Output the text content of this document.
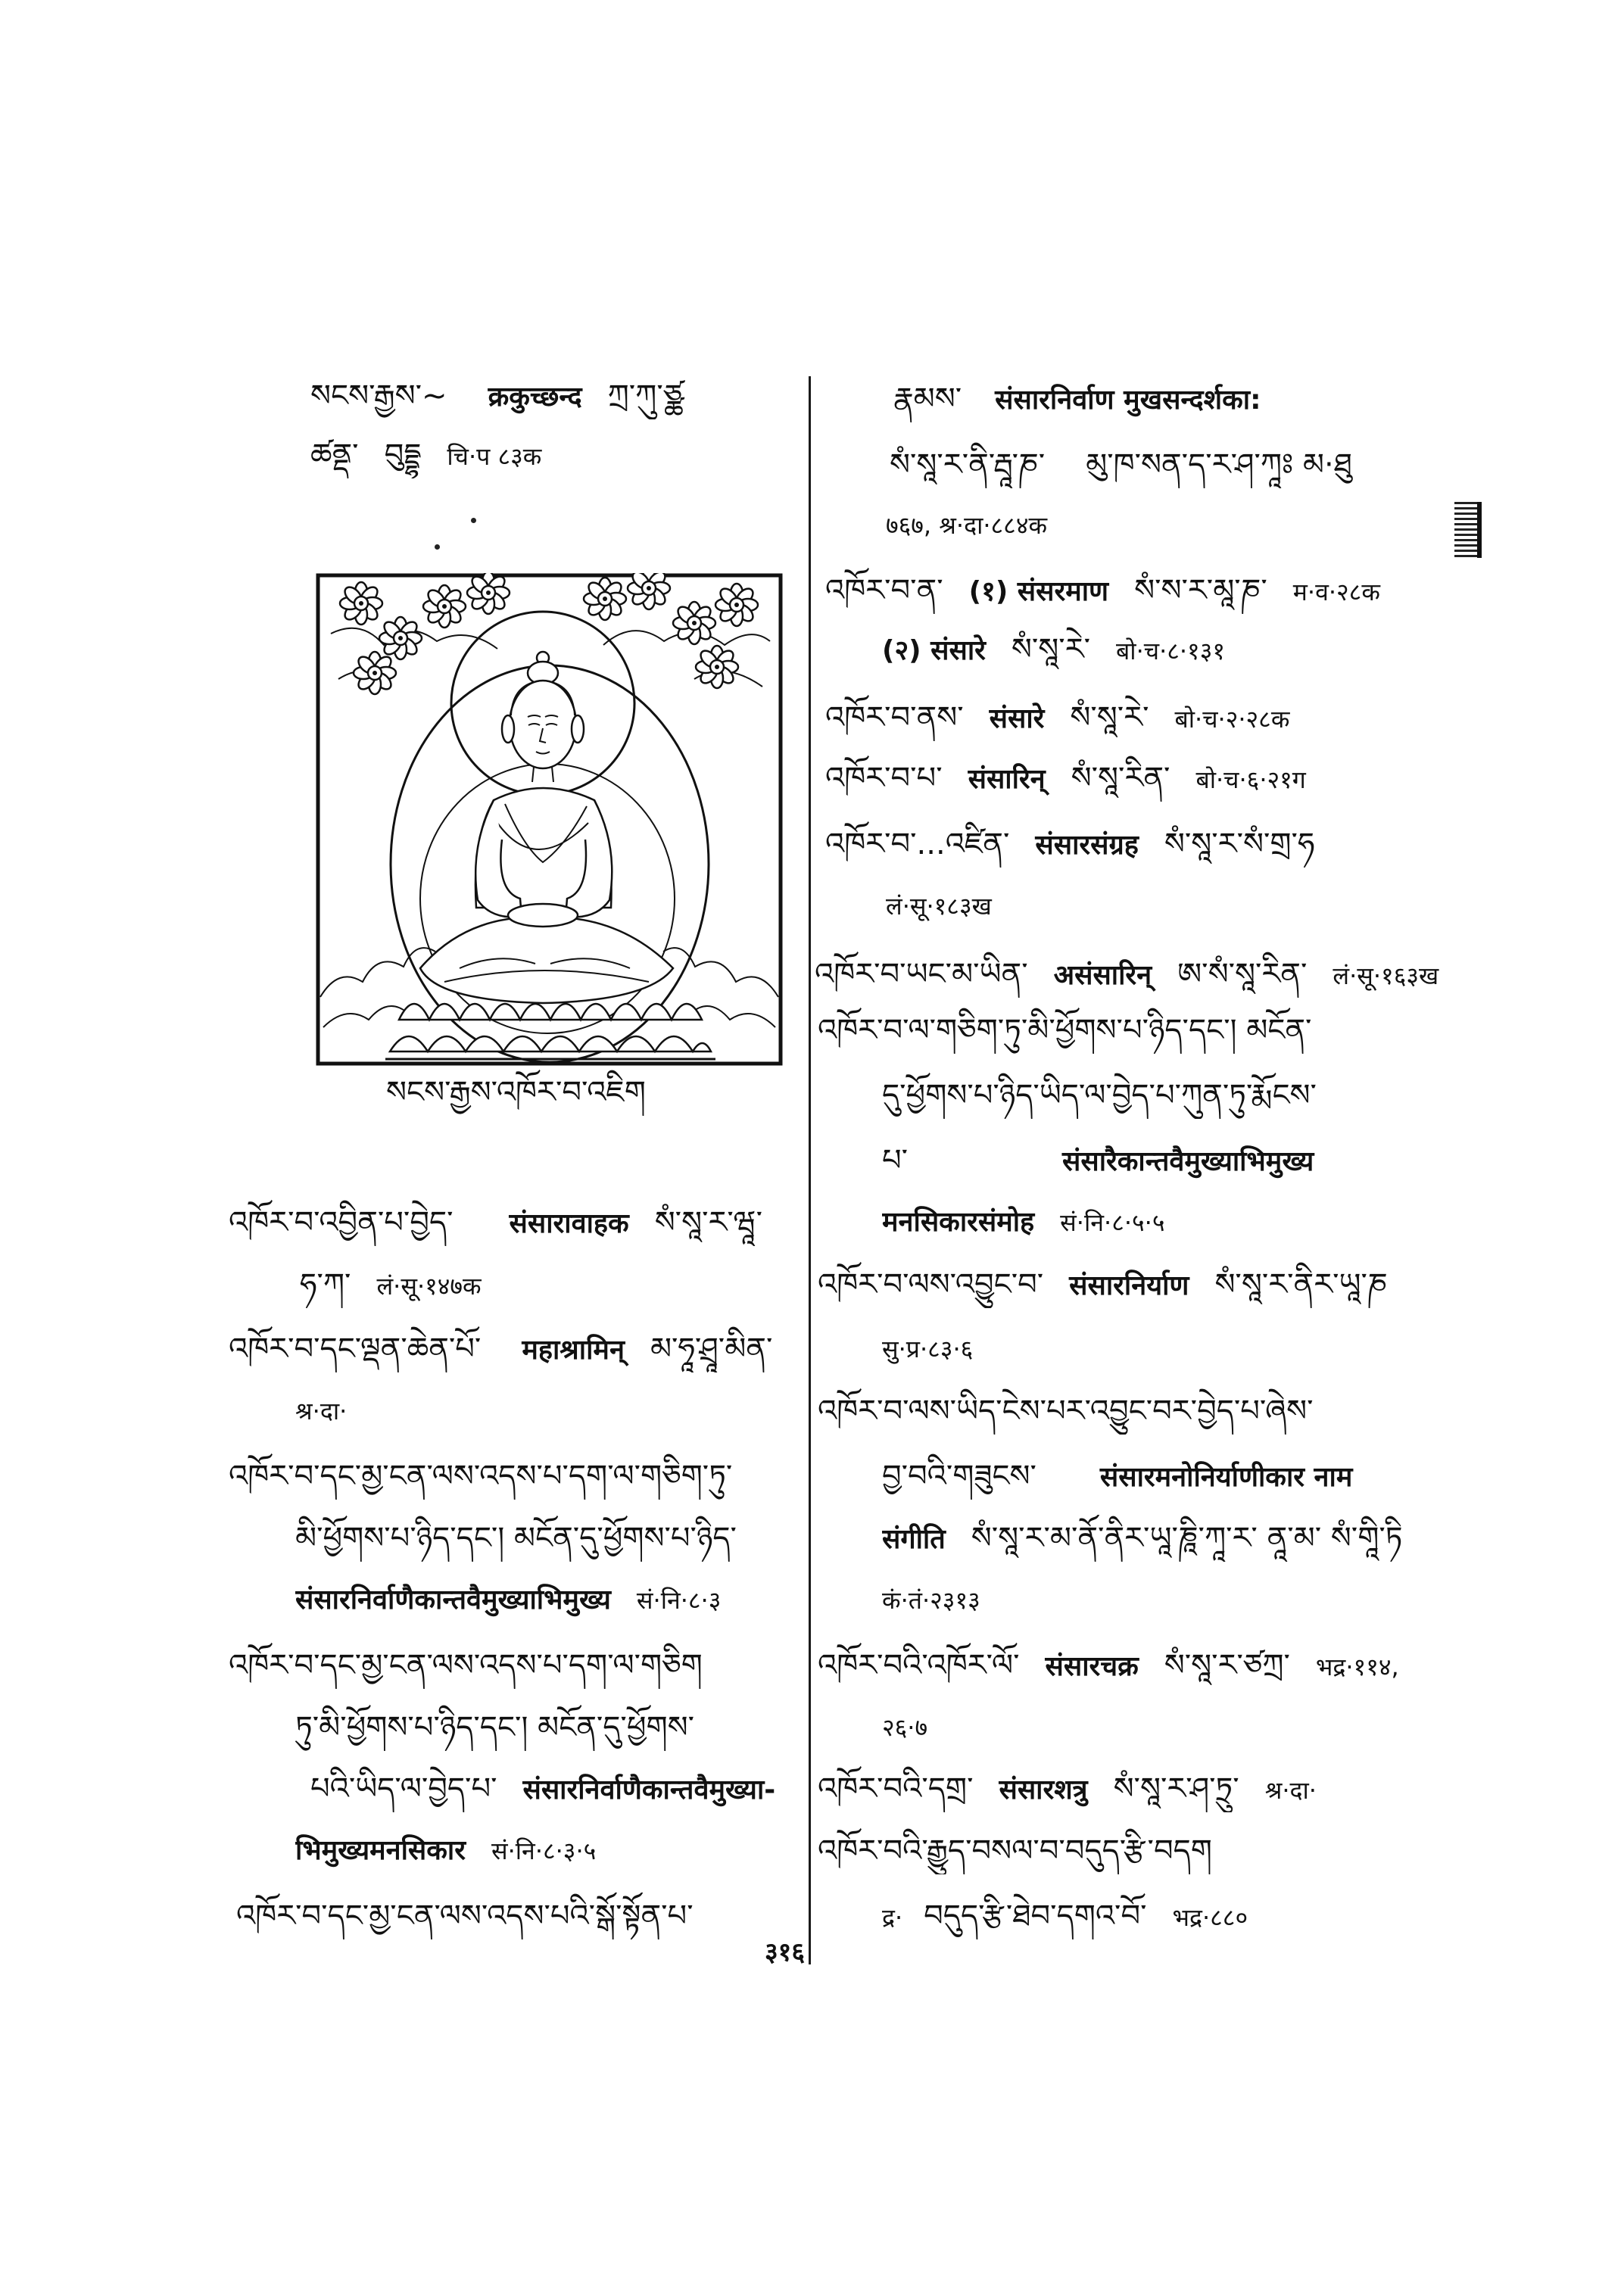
སངས་རྒྱས་~ क्रकुच्छन्द ཀྲ་ཀུ་ཙྪ
ཚནྡ་ བུདྡྷ चि·प ८३क
སངས་རྒྱས་འཁོར་བ་འཇིག
འཁོར་བ་འབྱིན་པ་བྱེད་ संसारावाहक སཾ་སཱ་ར་ཝཱ་
ཧ་ཀ་ लं·सू·१४७क
འཁོར་བ་དང་ལྡན་ཆེན་པོ་ महाश्रामिन् མ་ཧཱ་ཤྲཱ་མིན་
श्र·दा·
འཁོར་བ་དང་མྱ་ངན་ལས་འདས་པ་དག་ལ་གཅིག་ཏུ་
མི་ཕྱོགས་པ་ཉིད་དང་། མངོན་དུ་ཕྱོགས་པ་ཉིད་
संसारनिर्वाणैकान्तवैमुख्याभिमुख्य सं·नि·८·३
འཁོར་བ་དང་མྱ་ངན་ལས་འདས་པ་དག་ལ་གཅིག
ཏུ་མི་ཕྱོགས་པ་ཉིད་དང་། མངོན་དུ་ཕྱོགས་
པའི་ཡིད་ལ་བྱེད་པ་ संसारनिर्वाणैकान्तवैमुख्या-
भिमुख्यमनसिकार सं·नि·८·३·५
འཁོར་བ་དང་མྱ་ངན་ལས་འདས་པའི་སྒོ་སྟོན་པ་
རྣམས་ संसारनिर्वाण मुखसन्दर्शका:
སཾ་སཱ་ར་ནི་རྦཱ་ཎ་ མུ་ཁ་སན་ད་ར་ཤ་ཀཱཿ མ·ཐུ
७६७, श्र·दा·८८४क
འཁོར་བ་ན་ (१) संसरमाण སཾ་ས་ར་མཱ་ཎ་ म·व·२८क
(२) संसारे སཾ་སཱ་རེ་ बो·च·८·१३१
འཁོར་བ་ནས་ संसारे སཾ་སཱ་རེ་ बो·च·२·२८क
འཁོར་བ་པ་ संसारिन् སཾ་སཱ་རིན་ बो·च·६·२१ग
འཁོར་བ་...འཛིན་ संसारसंग्रह སཾ་སཱ་ར་སཾ་གྲ་ཧ
लं·सू·१८३ख
འཁོར་བ་ཡང་མ་ཡིན་ असंसारिन् ཨ་སཾ་སཱ་རིན་ लं·सू·१६३ख
འཁོར་བ་ལ་གཅིག་ཏུ་མི་ཕྱོགས་པ་ཉིད་དང་། མངོན་
དུ་ཕྱོགས་པ་ཉིད་ཡིད་ལ་བྱེད་པ་ཀུན་ཏུ་རྨོངས་
པ་	संसारैकान्तवैमुख्याभिमुख्य
मनसिकारसंमोह सं·नि·८·५·५
འཁོར་བ་ལས་འབྱུང་བ་ संसारनिर्याण སཾ་སཱ་ར་ནིར་ཡཱ་ཎ
सु·प्र·८३·६
འཁོར་བ་ལས་ཡིད་ངེས་པར་འབྱུང་བར་བྱེད་པ་ཞེས་
བྱ་བའི་གཟུངས་ संसारमनोनिर्याणीकार नाम
संगीति སཾ་སཱ་ར་མ་ནོ་ནིར་ཡཱ་ཎཱི་ཀཱ་ར་ ནཱ་མ་ སཾ་གཱི་ཏི
कं·तं·२३१३
འཁོར་བའི་འཁོར་ལོ་ संसारचक्र སཾ་སཱ་ར་ཙཀྲ་ भद्र·११४,
२६·७
འཁོར་བའི་དགྲ་ संसारशत्रु སཾ་སཱ་ར་ཤ་ཏྲུ་ श्र·दा·
འཁོར་བའི་རྒྱུད་བསལ་བ་བདུད་རྩི་བདག
द्र· བདུད་རྩི་ཐེབ་དགའ་བོ་ भद्र·८८०
३१६
